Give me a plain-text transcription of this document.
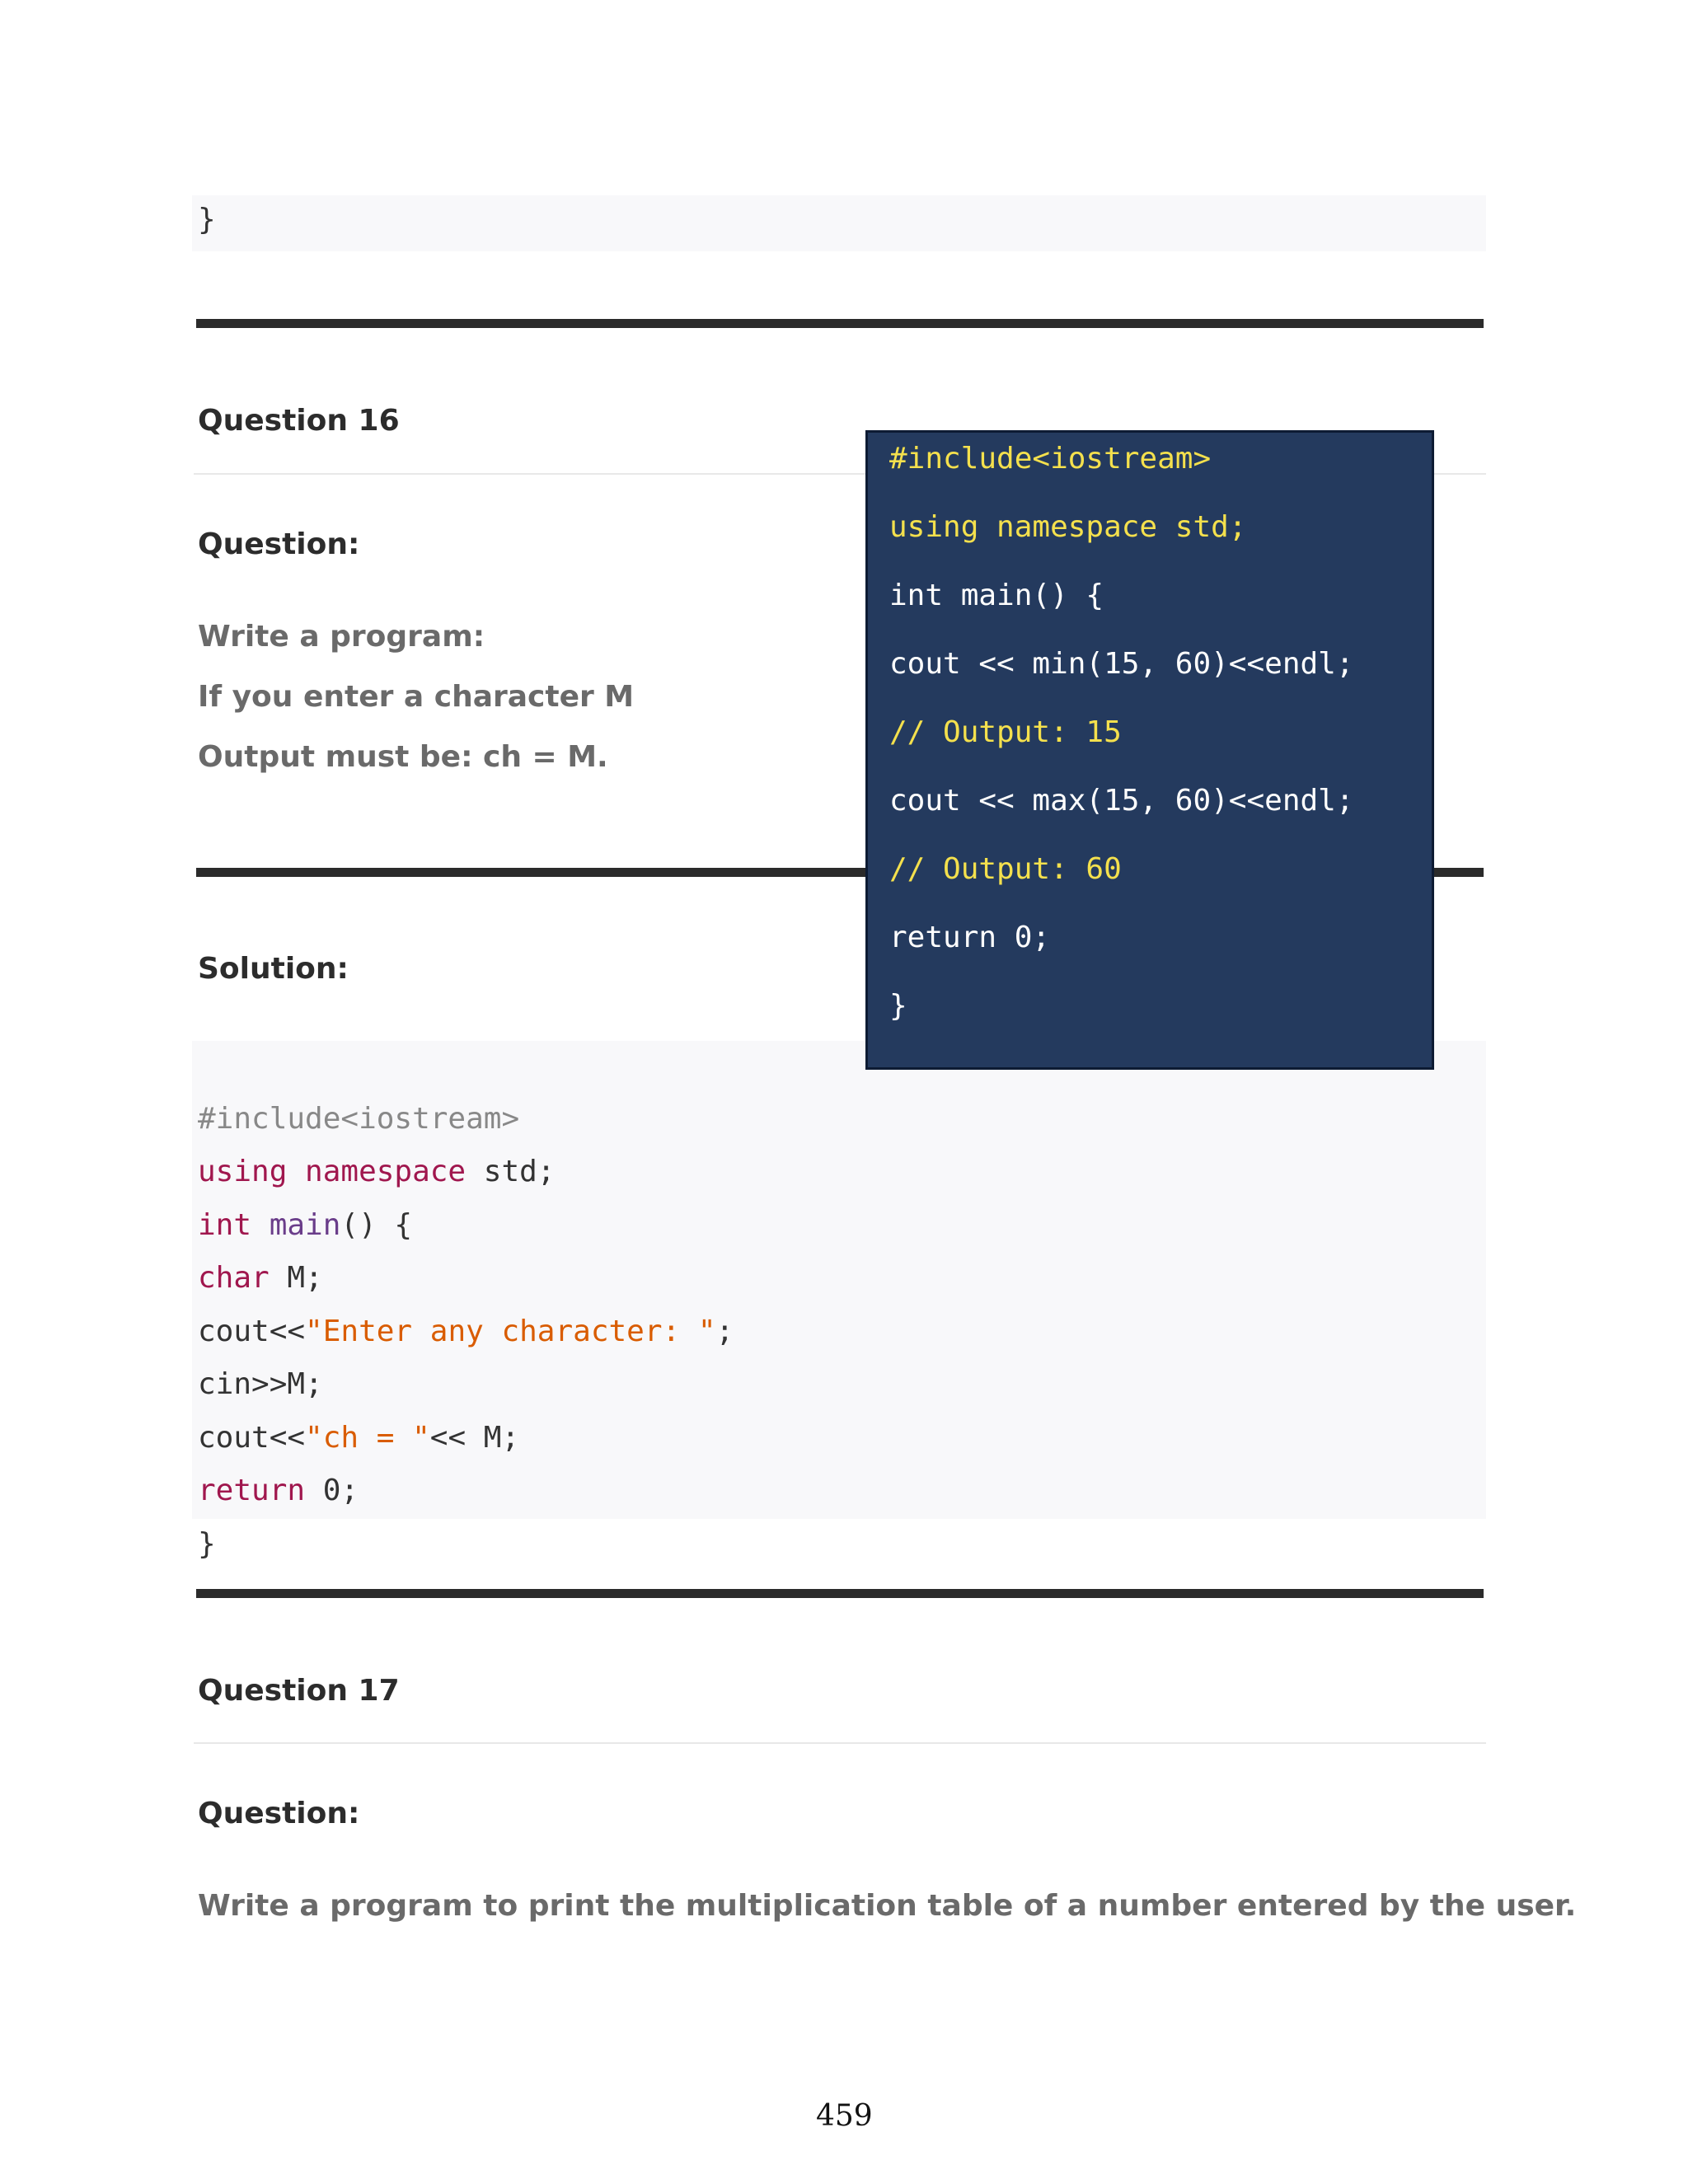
}
Question 16
Question:
Write a program:
If you enter a character M
Output must be: ch = M.
Solution:

#include<iostream>
using namespace std;
int main() {
char M;
cout<<"Enter any character: ";
cin>>M;
cout<<"ch = "<< M;
return 0;
}
#include<iostream>
using namespace std;
int main() {
cout << min(15, 60)<<endl;
// Output: 15
cout << max(15, 60)<<endl;
// Output: 60
return 0;
}
Question 17
Question:
Write a program to print the multiplication table of a number entered by the user.
459
